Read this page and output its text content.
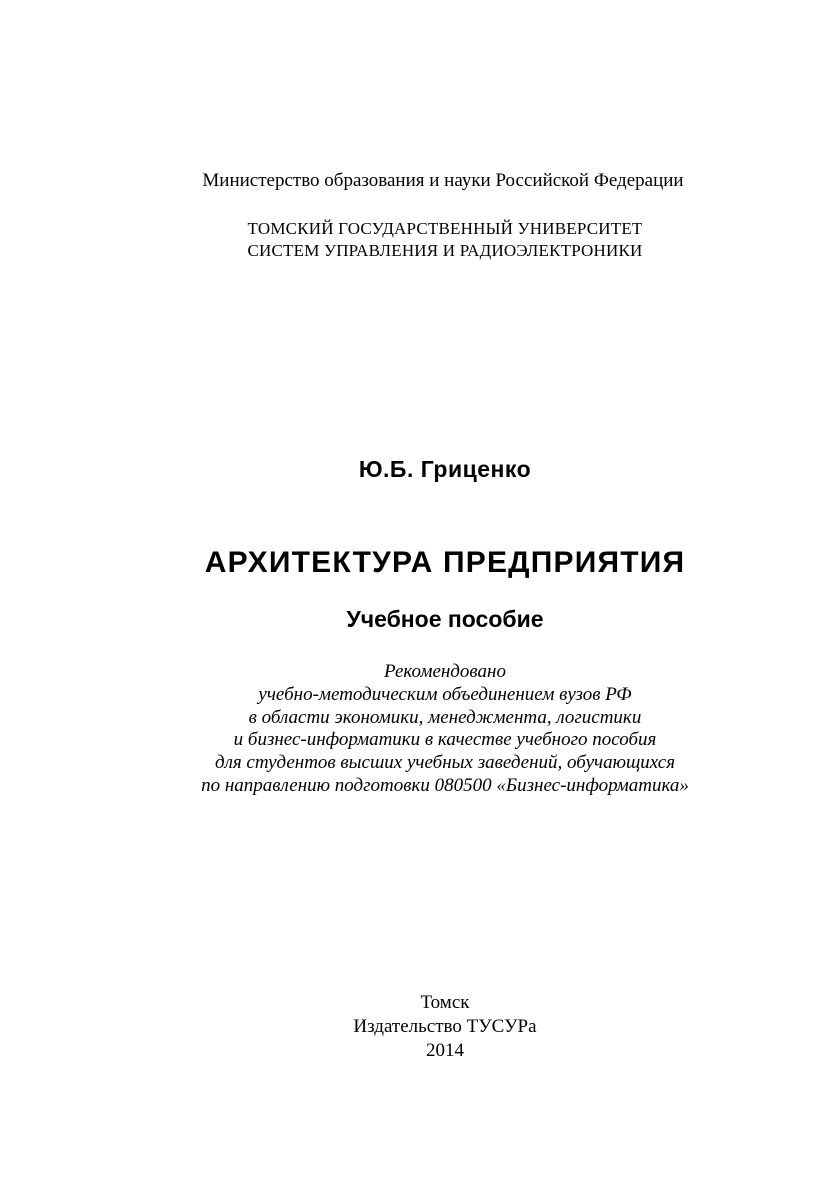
Министерство образования и науки Российской Федерации
ТОМСКИЙ ГОСУДАРСТВЕННЫЙ УНИВЕРСИТЕТ
СИСТЕМ УПРАВЛЕНИЯ И РАДИОЭЛЕКТРОНИКИ
Ю.Б. Гриценко
АРХИТЕКТУРА ПРЕДПРИЯТИЯ
Учебное пособие
Рекомендовано
учебно-методическим объединением вузов РФ
в области экономики, менеджмента, логистики
и бизнес-информатики в качестве учебного пособия
для студентов высших учебных заведений, обучающихся
по направлению подготовки 080500 «Бизнес-информатика»
Томск
Издательство ТУСУРа
2014
